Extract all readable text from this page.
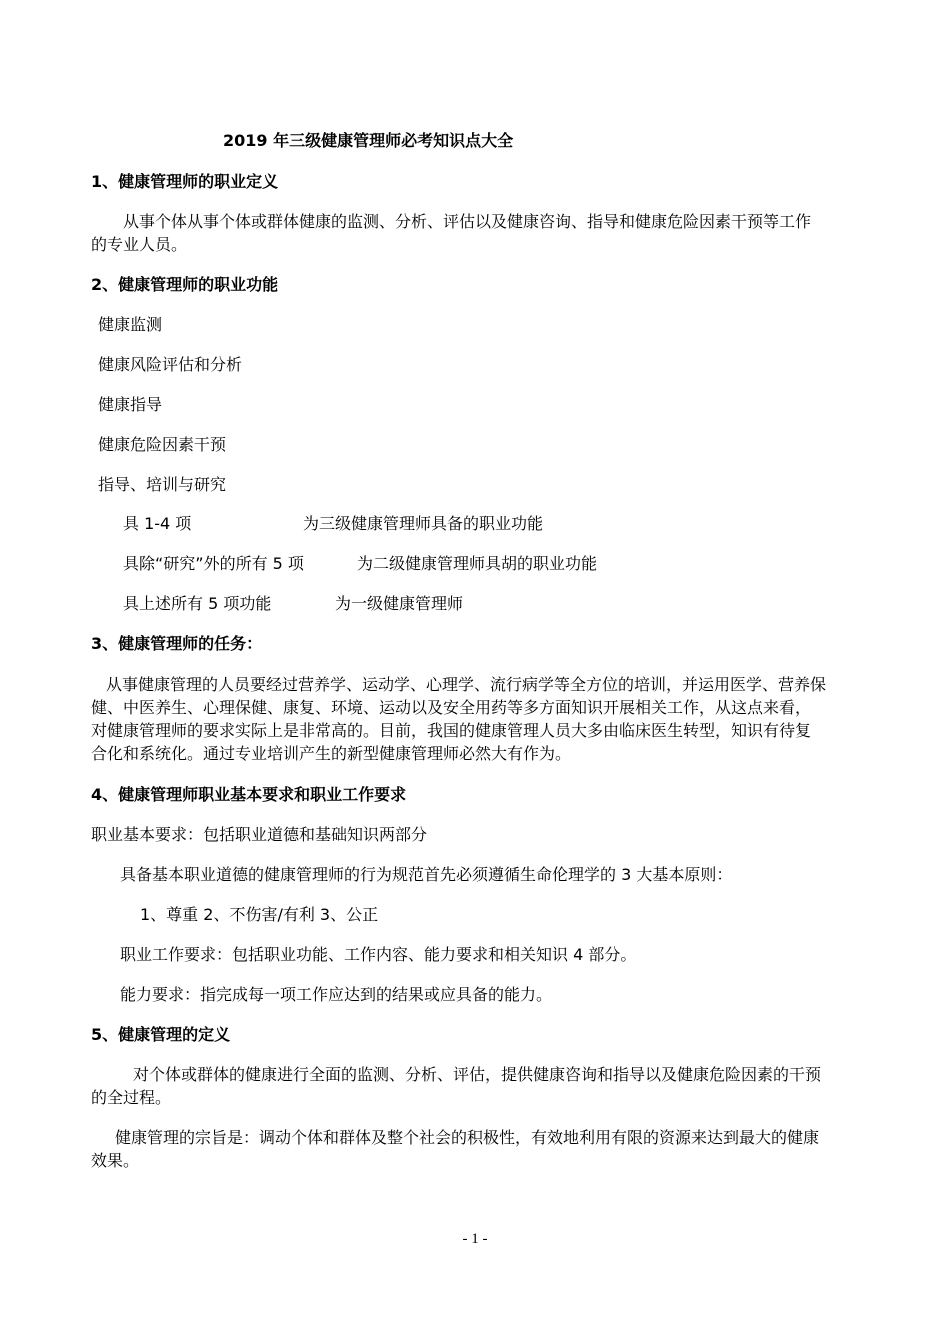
2019 年三级健康管理师必考知识点大全
1、健康管理师的职业定义
从事个体从事个体或群体健康的监测、分析、评估以及健康咨询、指导和健康危险因素干预等工作
的专业人员。
2、健康管理师的职业功能
健康监测
健康风险评估和分析
健康指导
健康危险因素干预
指导、培训与研究
具 1-4 项	为三级健康管理师具备的职业功能
具除“研究”外的所有 5 项	为二级健康管理师具胡的职业功能
具上述所有 5 项功能	为一级健康管理师
3、健康管理师的任务：
从事健康管理的人员要经过营养学、运动学、心理学、流行病学等全方位的培训，并运用医学、营养保
健、中医养生、心理保健、康复、环境、运动以及安全用药等多方面知识开展相关工作，从这点来看，
对健康管理师的要求实际上是非常高的。目前，我国的健康管理人员大多由临床医生转型，知识有待复
合化和系统化。通过专业培训产生的新型健康管理师必然大有作为。
4、健康管理师职业基本要求和职业工作要求
职业基本要求：包括职业道德和基础知识两部分
具备基本职业道德的健康管理师的行为规范首先必须遵循生命伦理学的 3 大基本原则：
1、尊重 2、不伤害/有利 3、公正
职业工作要求：包括职业功能、工作内容、能力要求和相关知识 4 部分。
能力要求：指完成每一项工作应达到的结果或应具备的能力。
5、健康管理的定义
对个体或群体的健康进行全面的监测、分析、评估，提供健康咨询和指导以及健康危险因素的干预
的全过程。
健康管理的宗旨是：调动个体和群体及整个社会的积极性，有效地利用有限的资源来达到最大的健康
效果。
- 1 -
